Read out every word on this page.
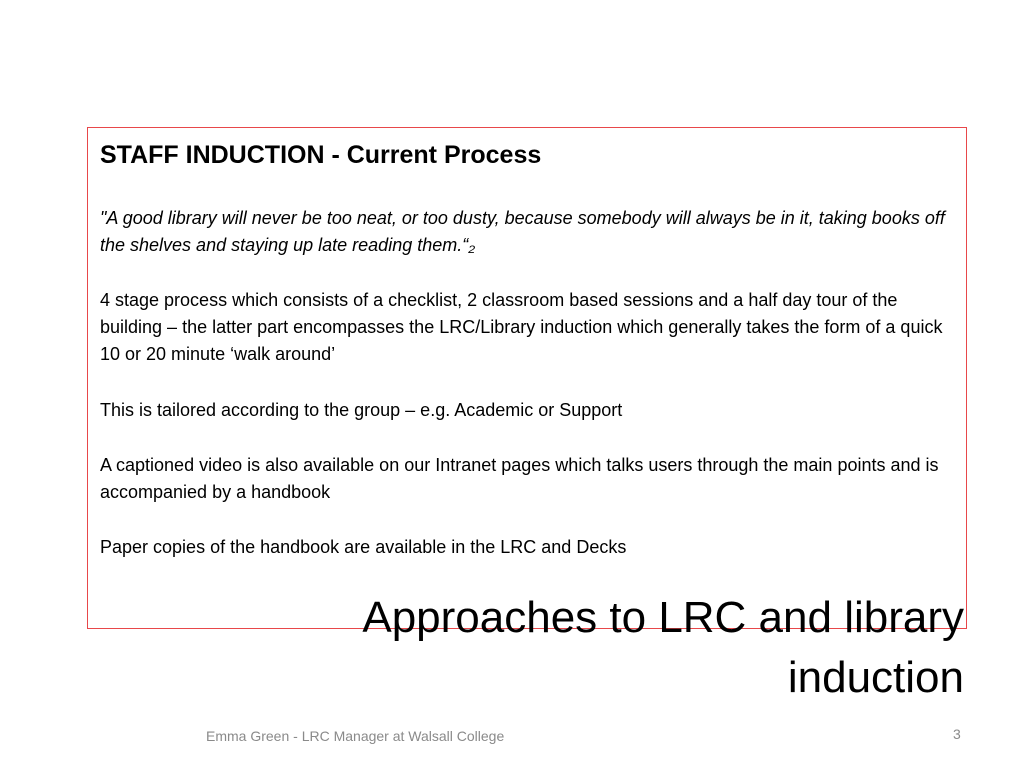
STAFF INDUCTION - Current Process
"A good library will never be too neat, or too dusty, because somebody will always be in it, taking books off the shelves and staying up late reading them.“₂
4 stage process which consists of a checklist, 2 classroom based sessions and a half day tour of the building – the latter part encompasses the LRC/Library induction which generally takes the form of a quick 10 or 20 minute ‘walk around’
This is tailored according to the group – e.g. Academic or Support
A captioned video is also available on our Intranet pages which talks users through the main points and is accompanied by a handbook
Paper copies of the handbook are available in the LRC and Decks
Approaches to LRC and library induction
Emma Green - LRC Manager at Walsall College	3
